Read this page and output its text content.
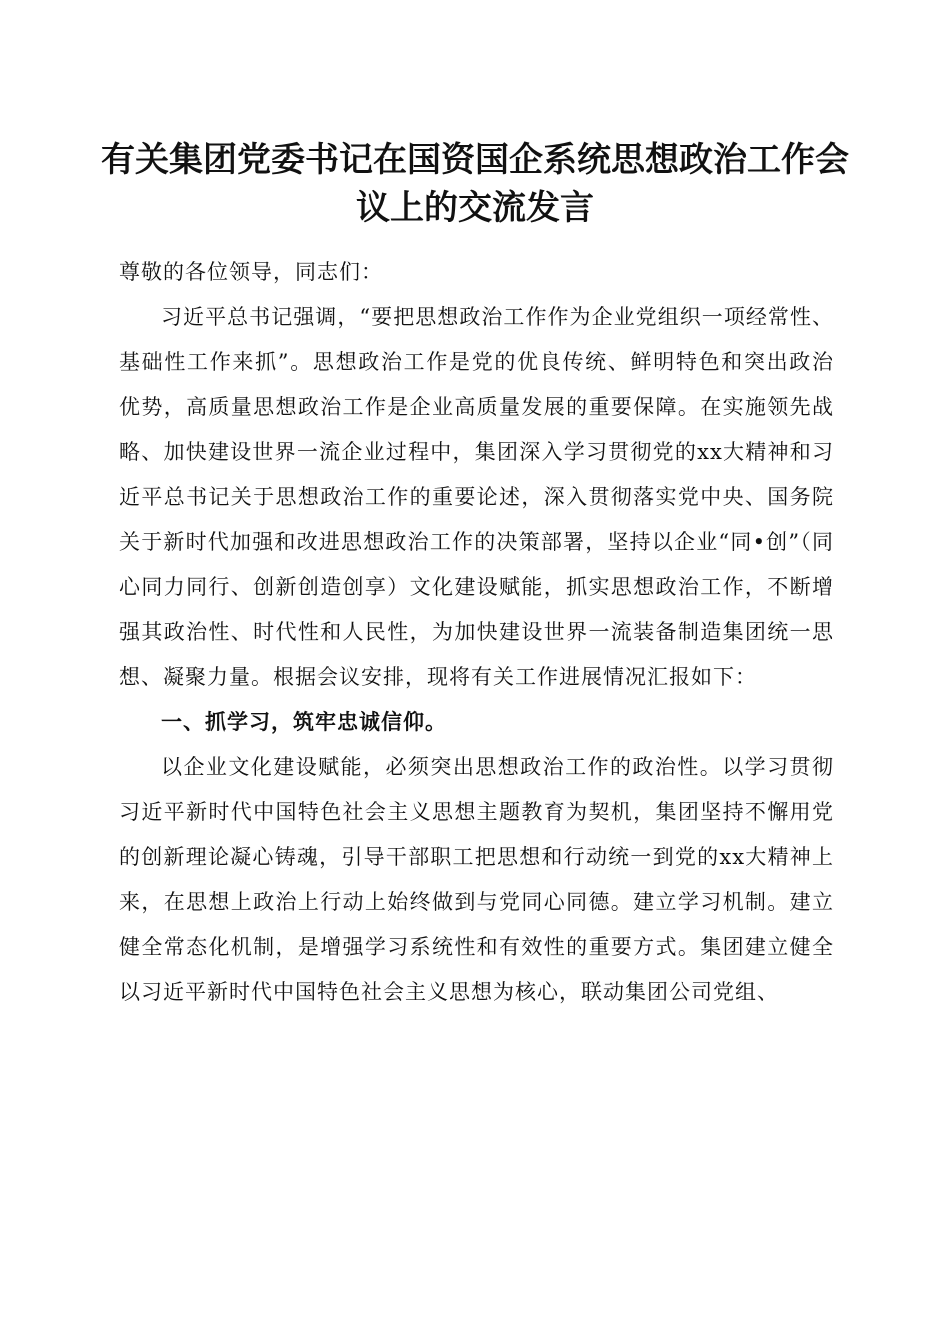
有关集团党委书记在国资国企系统思想政治工作会议上的交流发言

尊敬的各位领导，同志们：

习近平总书记强调，“要把思想政治工作作为企业党组织一项经常性、基础性工作来抓”。思想政治工作是党的优良传统、鲜明特色和突出政治优势，高质量思想政治工作是企业高质量发展的重要保障。在实施领先战略、加快建设世界一流企业过程中，集团深入学习贯彻党的xx大精神和习近平总书记关于思想政治工作的重要论述，深入贯彻落实党中央、国务院关于新时代加强和改进思想政治工作的决策部署，坚持以企业“同•创”（同心同力同行、创新创造创享）文化建设赋能，抓实思想政治工作，不断增强其政治性、时代性和人民性，为加快建设世界一流装备制造集团统一思想、凝聚力量。根据会议安排，现将有关工作进展情况汇报如下：

一、抓学习，筑牢忠诚信仰。

以企业文化建设赋能，必须突出思想政治工作的政治性。以学习贯彻习近平新时代中国特色社会主义思想主题教育为契机，集团坚持不懈用党的创新理论凝心铸魂，引导干部职工把思想和行动统一到党的xx大精神上来，在思想上政治上行动上始终做到与党同心同德。建立学习机制。建立健全常态化机制，是增强学习系统性和有效性的重要方式。集团建立健全以习近平新时代中国特色社会主义思想为核心，联动集团公司党组、
